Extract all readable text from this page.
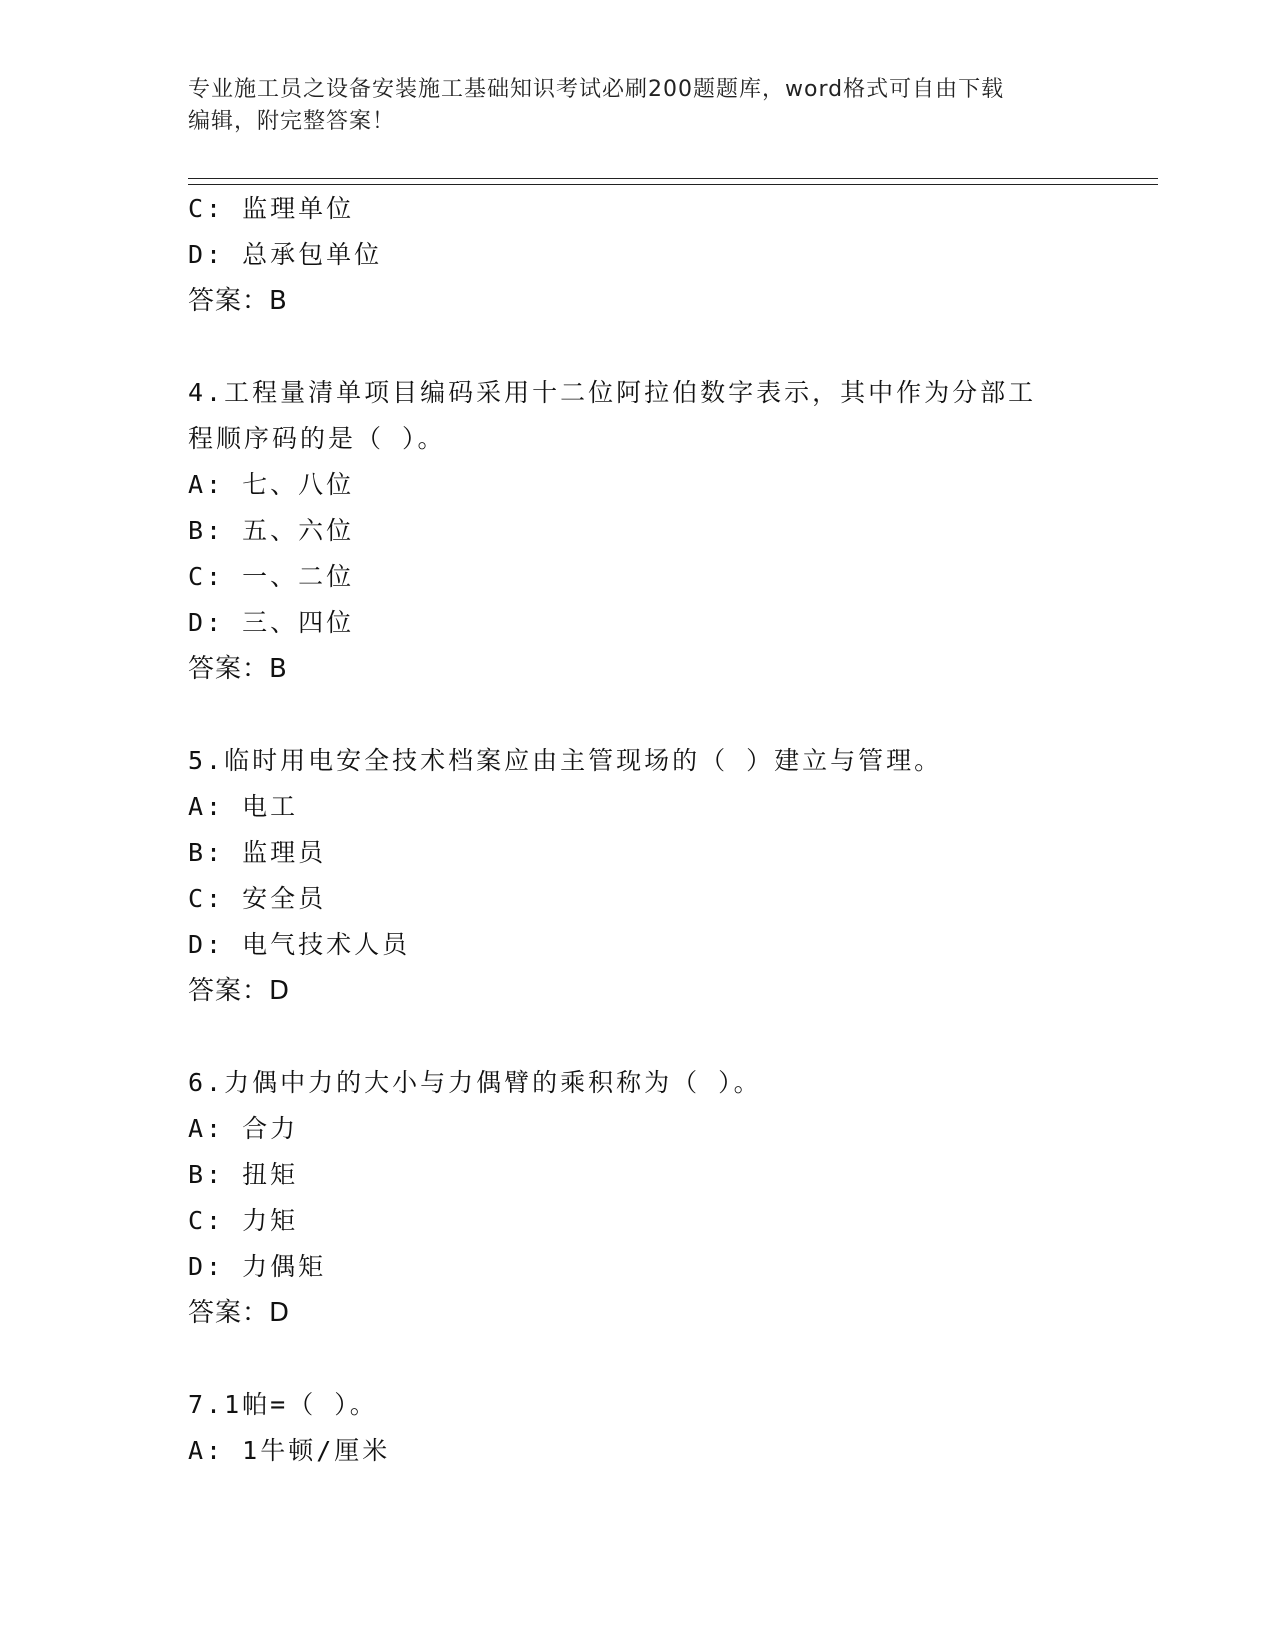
专业施工员之设备安装施工基础知识考试必刷200题题库，word格式可自由下载
编辑，附完整答案！
C: 监理单位
D: 总承包单位
答案：B
4.工程量清单项目编码采用十二位阿拉伯数字表示，其中作为分部工
程顺序码的是（ ）。
A: 七、八位
B: 五、六位
C: 一、二位
D: 三、四位
答案：B
5.临时用电安全技术档案应由主管现场的（ ）建立与管理。
A: 电工
B: 监理员
C: 安全员
D: 电气技术人员
答案：D
6.力偶中力的大小与力偶臂的乘积称为（ ）。
A: 合力
B: 扭矩
C: 力矩
D: 力偶矩
答案：D
7.1帕=（ ）。
A: 1牛顿/厘米
